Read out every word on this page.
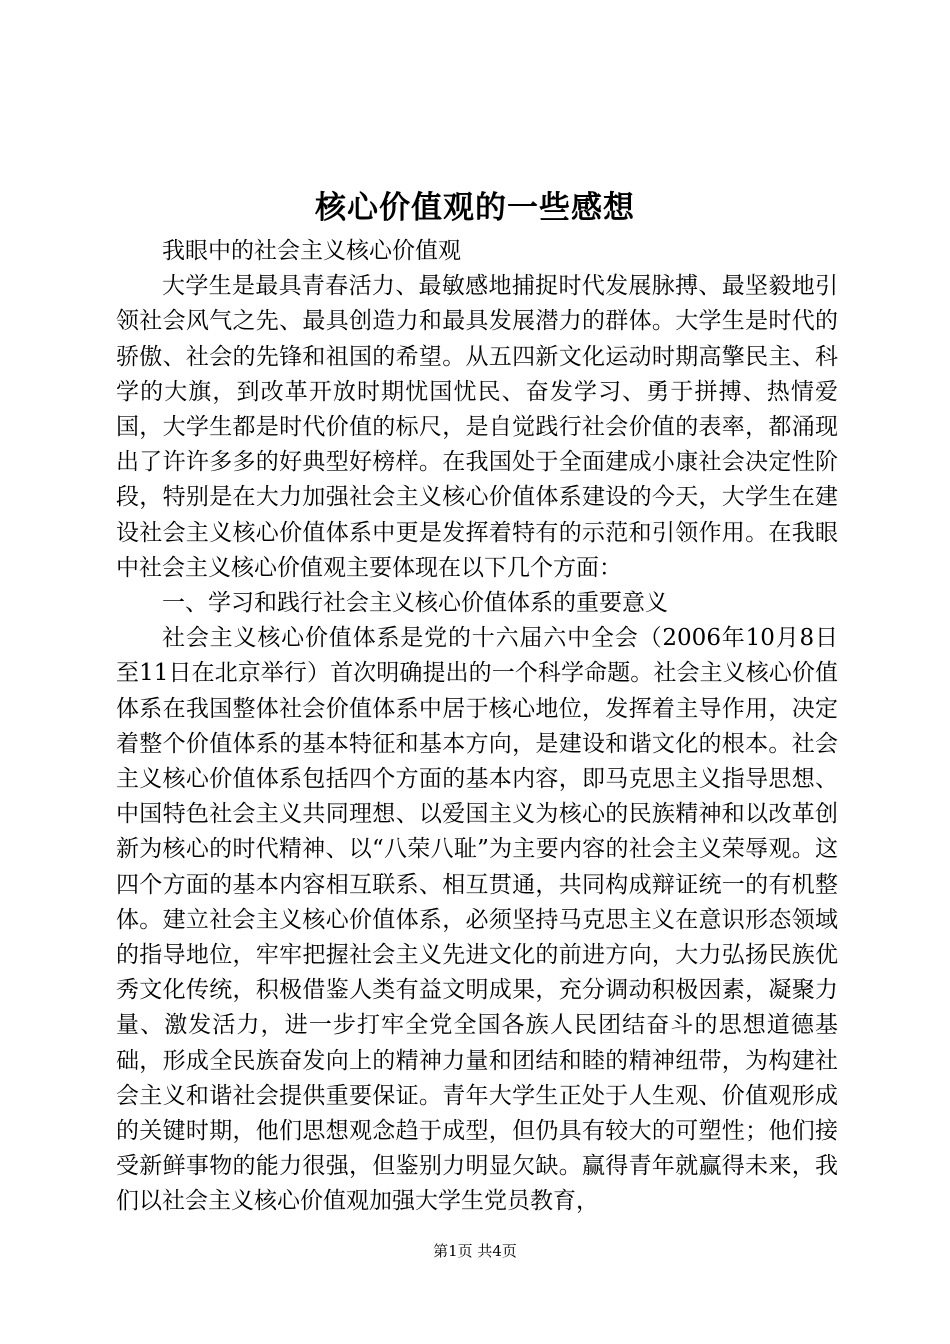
核心价值观的一些感想

我眼中的社会主义核心价值观

大学生是最具青春活力、最敏感地捕捉时代发展脉搏、最坚毅地引领社会风气之先、最具创造力和最具发展潜力的群体。大学生是时代的骄傲、社会的先锋和祖国的希望。从五四新文化运动时期高擎民主、科学的大旗，到改革开放时期忧国忧民、奋发学习、勇于拼搏、热情爱国，大学生都是时代价值的标尺，是自觉践行社会价值的表率，都涌现出了许许多多的好典型好榜样。在我国处于全面建成小康社会决定性阶段，特别是在大力加强社会主义核心价值体系建设的今天，大学生在建设社会主义核心价值体系中更是发挥着特有的示范和引领作用。在我眼中社会主义核心价值观主要体现在以下几个方面：

一、学习和践行社会主义核心价值体系的重要意义

社会主义核心价值体系是党的十六届六中全会（2006年10月8日至11日在北京举行）首次明确提出的一个科学命题。社会主义核心价值体系在我国整体社会价值体系中居于核心地位，发挥着主导作用，决定着整个价值体系的基本特征和基本方向，是建设和谐文化的根本。社会主义核心价值体系包括四个方面的基本内容，即马克思主义指导思想、中国特色社会主义共同理想、以爱国主义为核心的民族精神和以改革创新为核心的时代精神、以“八荣八耻”为主要内容的社会主义荣辱观。这四个方面的基本内容相互联系、相互贯通，共同构成辩证统一的有机整体。建立社会主义核心价值体系，必须坚持马克思主义在意识形态领域的指导地位，牢牢把握社会主义先进文化的前进方向，大力弘扬民族优秀文化传统，积极借鉴人类有益文明成果，充分调动积极因素，凝聚力量、激发活力，进一步打牢全党全国各族人民团结奋斗的思想道德基础，形成全民族奋发向上的精神力量和团结和睦的精神纽带，为构建社会主义和谐社会提供重要保证。青年大学生正处于人生观、价值观形成的关键时期，他们思想观念趋于成型，但仍具有较大的可塑性；他们接受新鲜事物的能力很强，但鉴别力明显欠缺。赢得青年就赢得未来，我们以社会主义核心价值观加强大学生党员教育，

第1页 共4页
